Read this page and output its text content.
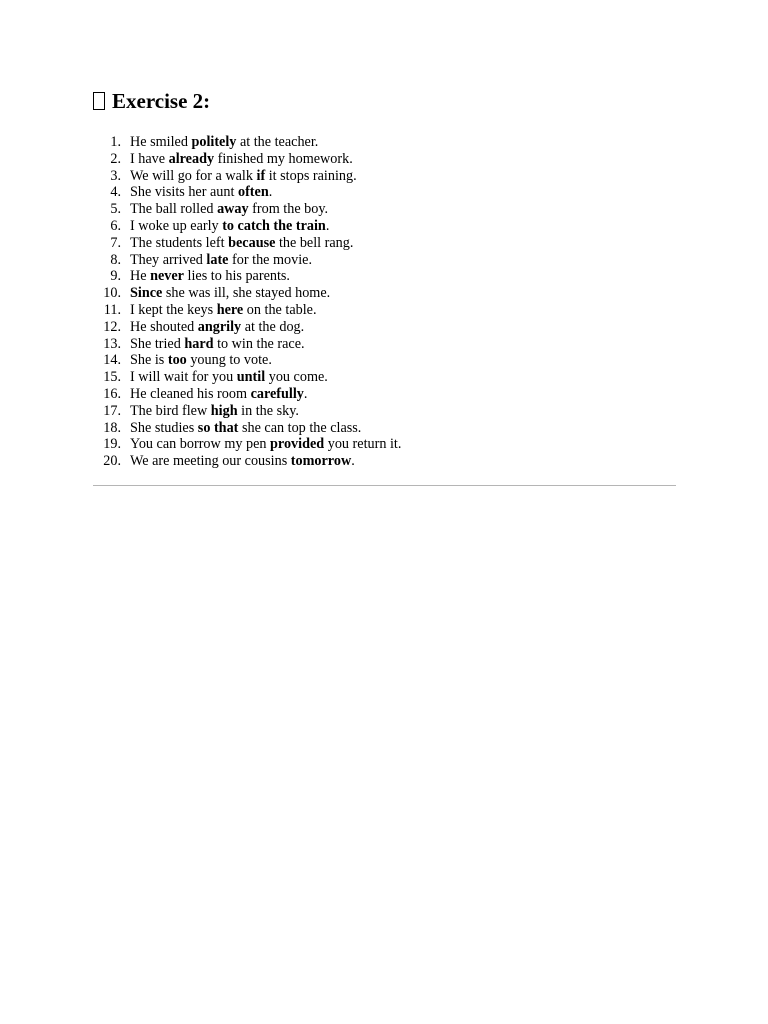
Exercise 2:
1. He smiled politely at the teacher.
2. I have already finished my homework.
3. We will go for a walk if it stops raining.
4. She visits her aunt often.
5. The ball rolled away from the boy.
6. I woke up early to catch the train.
7. The students left because the bell rang.
8. They arrived late for the movie.
9. He never lies to his parents.
10. Since she was ill, she stayed home.
11. I kept the keys here on the table.
12. He shouted angrily at the dog.
13. She tried hard to win the race.
14. She is too young to vote.
15. I will wait for you until you come.
16. He cleaned his room carefully.
17. The bird flew high in the sky.
18. She studies so that she can top the class.
19. You can borrow my pen provided you return it.
20. We are meeting our cousins tomorrow.
